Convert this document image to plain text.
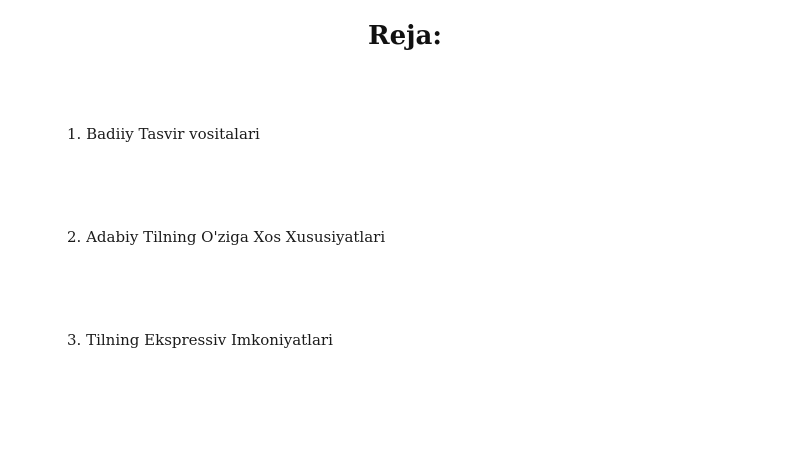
Reja:
1. Badiiy Tasvir vositalari
2. Adabiy Tilning O'ziga Xos Xususiyatlari
3. Tilning Ekspressiv Imkoniyatlari
